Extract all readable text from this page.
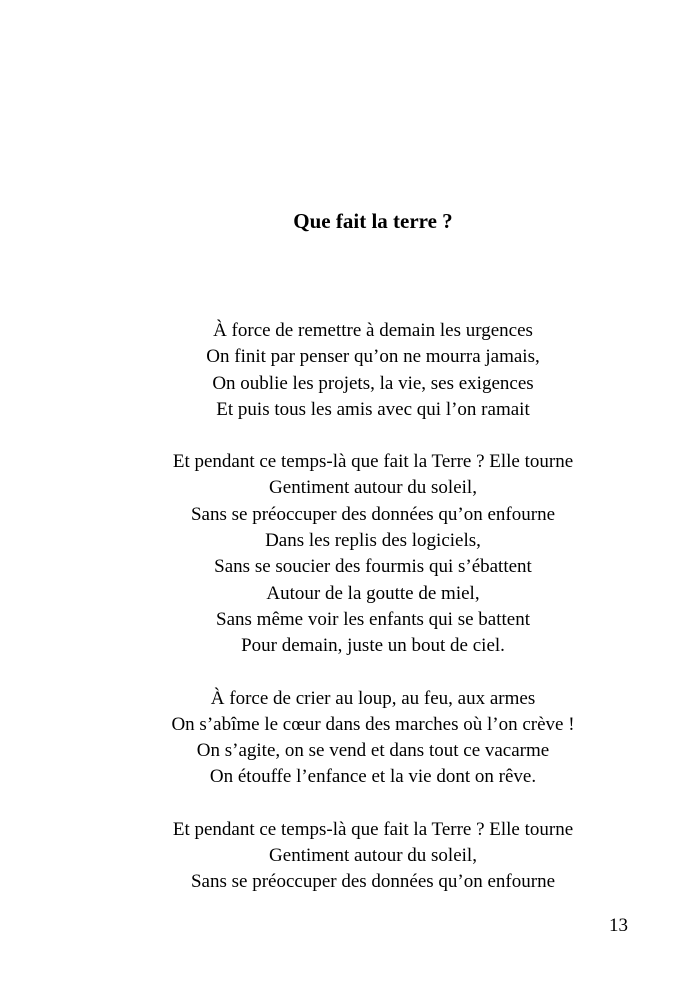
Que fait la terre ?
À force de remettre à demain les urgences
On finit par penser qu’on ne mourra jamais,
On oublie les projets, la vie, ses exigences
Et puis tous les amis avec qui l’on ramait
Et pendant ce temps-là que fait la Terre ? Elle tourne
Gentiment autour du soleil,
Sans se préoccuper des données qu’on enfourne
Dans les replis des logiciels,
Sans se soucier des fourmis qui s’ébattent
Autour de la goutte de miel,
Sans même voir les enfants qui se battent
Pour demain, juste un bout de ciel.
À force de crier au loup, au feu, aux armes
On s’abîme le cœur dans des marches où l’on crève !
On s’agite, on se vend et dans tout ce vacarme
On étouffe l’enfance et la vie dont on rêve.
Et pendant ce temps-là que fait la Terre ? Elle tourne
Gentiment autour du soleil,
Sans se préoccuper des données qu’on enfourne
13
